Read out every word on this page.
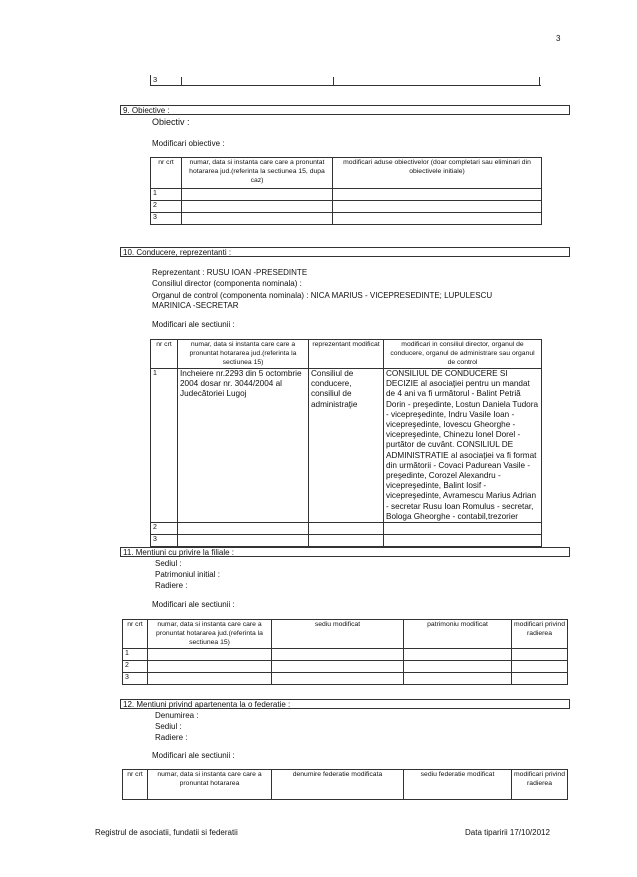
3
3
9. Obiective :
Obiectiv :
Modificari obiective :
nr crt	numar, data si instanta care care a pronuntat hotararea jud.(referinta la sectiunea 15, dupa caz)	modificari aduse obiectivelor (doar completari sau eliminari din obiectivele initiale)
1		
2		
3		
10. Conducere, reprezentanti :
Reprezentant : RUSU IOAN -PRESEDINTE
Consiliul director (componenta nominala) :
Organul de control (componenta nominala) : NICA MARIUS - VICEPRESEDINTE; LUPULESCU
MARINICA -SECRETAR
Modificari ale sectiunii :
nr crt	numar, data si instanta care care a pronuntat hotararea jud.(referinta la sectiunea 15)	reprezentant modificat	modificari in consiliul director, organul de conducere, organul de administrare sau organul de control
1	Incheiere nr.2293 din 5 octombrie 2004 dosar nr. 3044/2004 al Judecătoriei Lugoj	Consiliul de conducere, consiliul de administraţie	CONSILIUL DE CONDUCERE SI DECIZIE al asociaţiei pentru un mandat de 4 ani va fi următorul - Balint Petriă Dorin - preşedinte, Lostun Daniela Tudora - vicepreşedinte, Indru Vasile Ioan - vicepreşedinte, Iovescu Gheorghe - vicepreşedinte, Chinezu Ionel Dorel - purtător de cuvânt. CONSILIUL DE ADMINISTRATIE al asociaţiei va fi format din următorii - Covaci Padurean Vasile - preşedinte, Corozel Alexandru - vicepreşedinte, Balint Iosif - vicepreşedinte, Avramescu Marius Adrian - secretar Rusu Ioan Romulus - secretar, Bologa Gheorghe - contabil,trezorier
2			
3			
11. Mentiuni cu privire la filiale :
Sediul :
Patrimoniul initial :
Radiere :
Modificari ale sectiunii :
nr crt	numar, data si instanta care care a pronuntat hotararea jud.(referinta la sectiunea 15)	sediu modificat	patrimoniu modificat	modificari privind radierea
1				
2				
3				
12. Mentiuni privind apartenenta la o federatie :
Denumirea :
Sediul :
Radiere :
Modificari ale sectiunii :
nr crt	numar, data si instanta care care a pronuntat hotararea	denumire federatie modificata	sediu federatie modificat	modificari privind radierea
Registrul de asociatii, fundatii si federatii	Data tiparirii 17/10/2012
